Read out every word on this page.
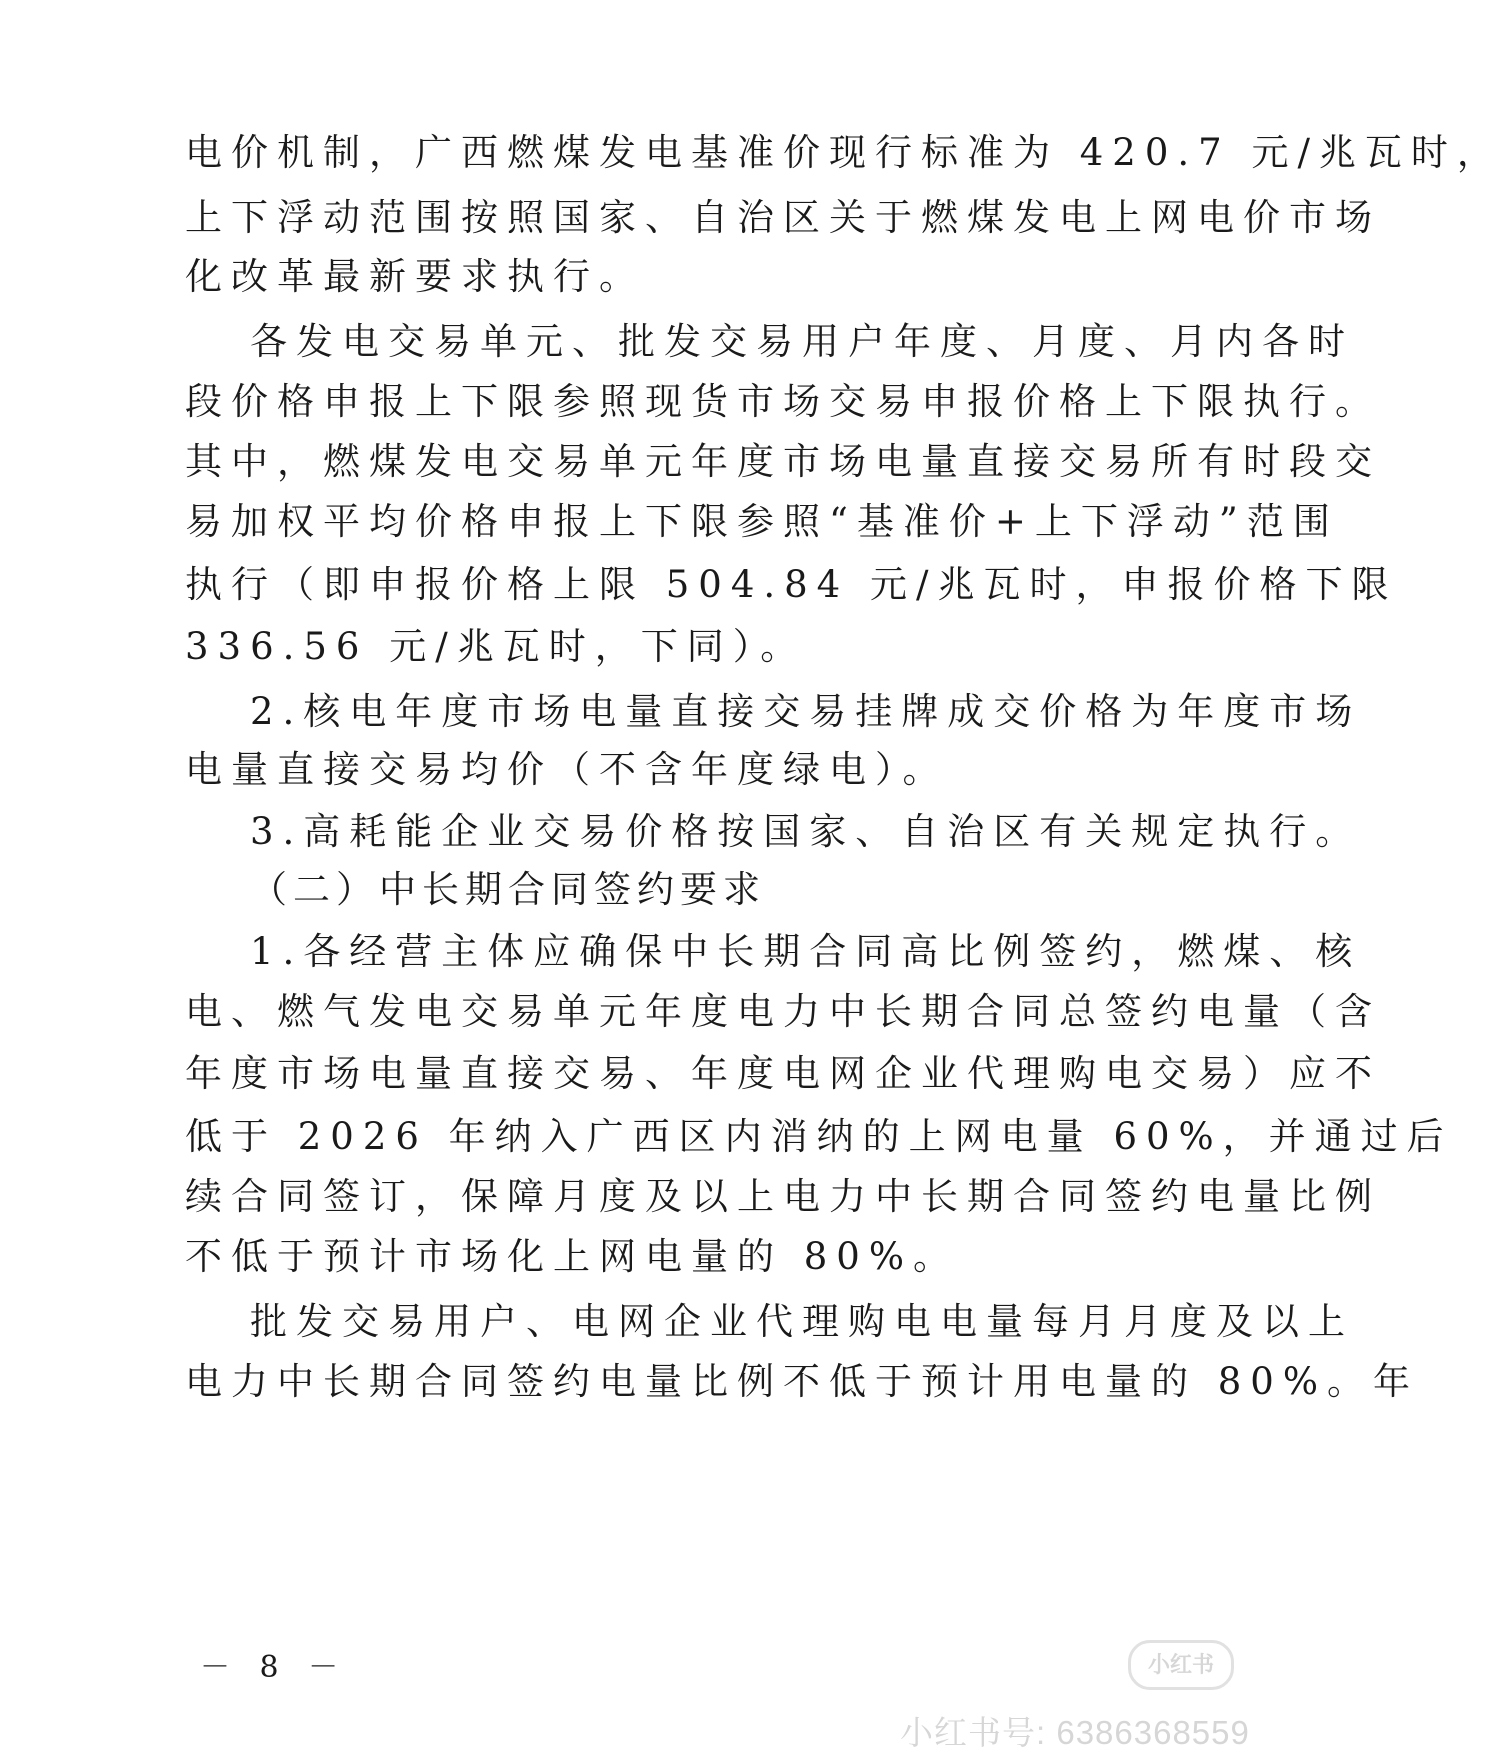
电价机制，广西燃煤发电基准价现行标准为 420.7 元/兆瓦时，
上下浮动范围按照国家、自治区关于燃煤发电上网电价市场
化改革最新要求执行。
各发电交易单元、批发交易用户年度、月度、月内各时
段价格申报上下限参照现货市场交易申报价格上下限执行。
其中，燃煤发电交易单元年度市场电量直接交易所有时段交
易加权平均价格申报上下限参照“基准价+上下浮动”范围
执行（即申报价格上限 504.84 元/兆瓦时，申报价格下限
336.56 元/兆瓦时，下同）。
2.核电年度市场电量直接交易挂牌成交价格为年度市场
电量直接交易均价（不含年度绿电）。
3.高耗能企业交易价格按国家、自治区有关规定执行。
（二）中长期合同签约要求
1.各经营主体应确保中长期合同高比例签约，燃煤、核
电、燃气发电交易单元年度电力中长期合同总签约电量（含
年度市场电量直接交易、年度电网企业代理购电交易）应不
低于 2026 年纳入广西区内消纳的上网电量 60%，并通过后
续合同签订，保障月度及以上电力中长期合同签约电量比例
不低于预计市场化上网电量的 80%。
批发交易用户、电网企业代理购电电量每月月度及以上
电力中长期合同签约电量比例不低于预计用电量的 80%。年
－ 8 －	小红书
小红书号: 6386368559
